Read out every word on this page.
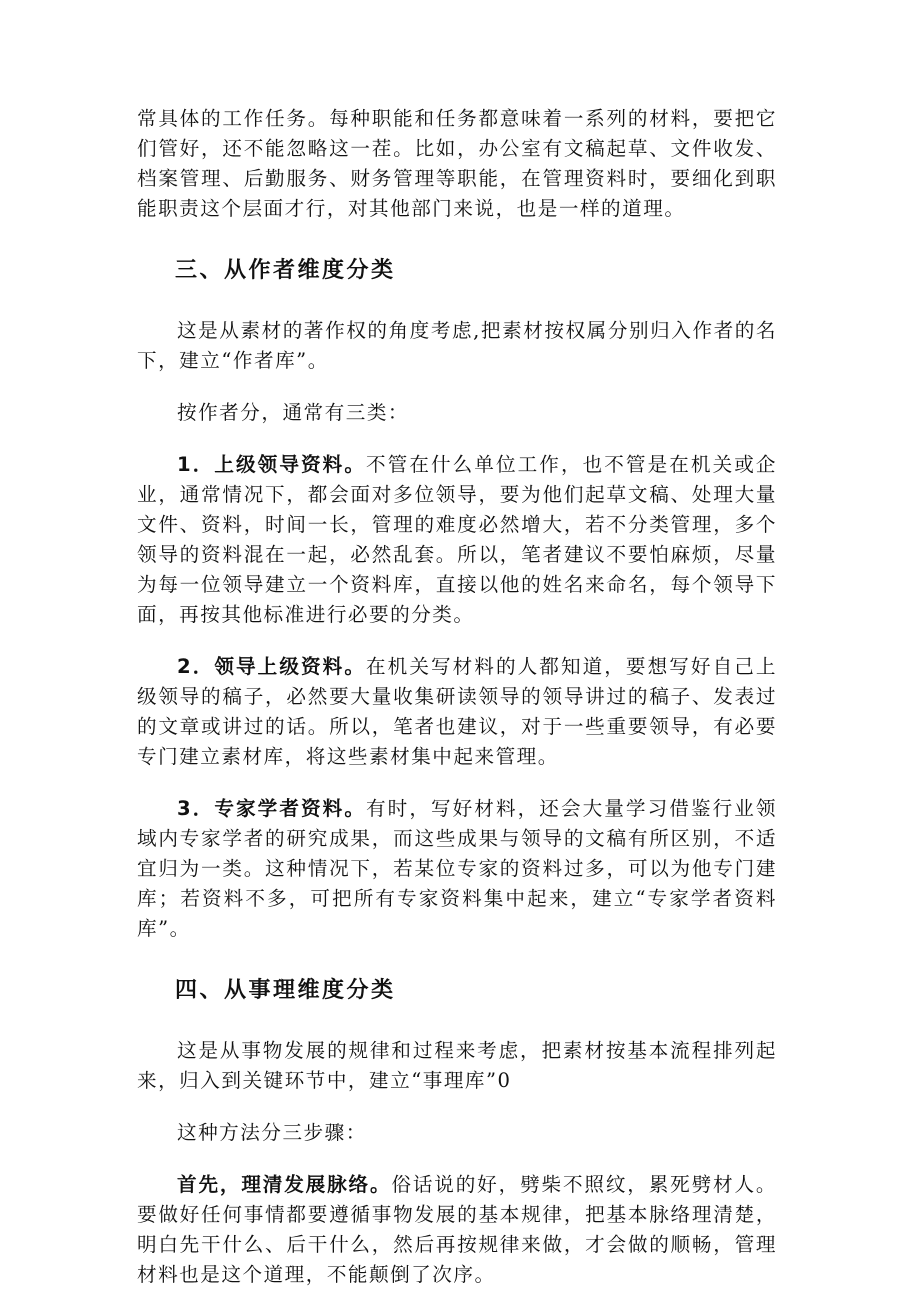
常具体的工作任务。每种职能和任务都意味着一系列的材料，要把它们管好，还不能忽略这一茬。比如，办公室有文稿起草、文件收发、档案管理、后勤服务、财务管理等职能，在管理资料时，要细化到职能职责这个层面才行，对其他部门来说，也是一样的道理。

三、从作者维度分类

这是从素材的著作权的角度考虑,把素材按权属分别归入作者的名下，建立“作者库”。

按作者分，通常有三类：

1．上级领导资料。不管在什么单位工作，也不管是在机关或企业，通常情况下，都会面对多位领导，要为他们起草文稿、处理大量文件、资料，时间一长，管理的难度必然增大，若不分类管理，多个领导的资料混在一起，必然乱套。所以，笔者建议不要怕麻烦，尽量为每一位领导建立一个资料库，直接以他的姓名来命名，每个领导下面，再按其他标准进行必要的分类。

2．领导上级资料。在机关写材料的人都知道，要想写好自己上级领导的稿子，必然要大量收集研读领导的领导讲过的稿子、发表过的文章或讲过的话。所以，笔者也建议，对于一些重要领导，有必要专门建立素材库，将这些素材集中起来管理。

3．专家学者资料。有时，写好材料，还会大量学习借鉴行业领域内专家学者的研究成果，而这些成果与领导的文稿有所区别，不适宜归为一类。这种情况下，若某位专家的资料过多，可以为他专门建库；若资料不多，可把所有专家资料集中起来，建立“专家学者资料库”。

四、从事理维度分类

这是从事物发展的规律和过程来考虑，把素材按基本流程排列起来，归入到关键环节中，建立“事理库”0

这种方法分三步骤：

首先，理清发展脉络。俗话说的好，劈柴不照纹，累死劈材人。要做好任何事情都要遵循事物发展的基本规律，把基本脉络理清楚，明白先干什么、后干什么，然后再按规律来做，才会做的顺畅，管理材料也是这个道理，不能颠倒了次序。
